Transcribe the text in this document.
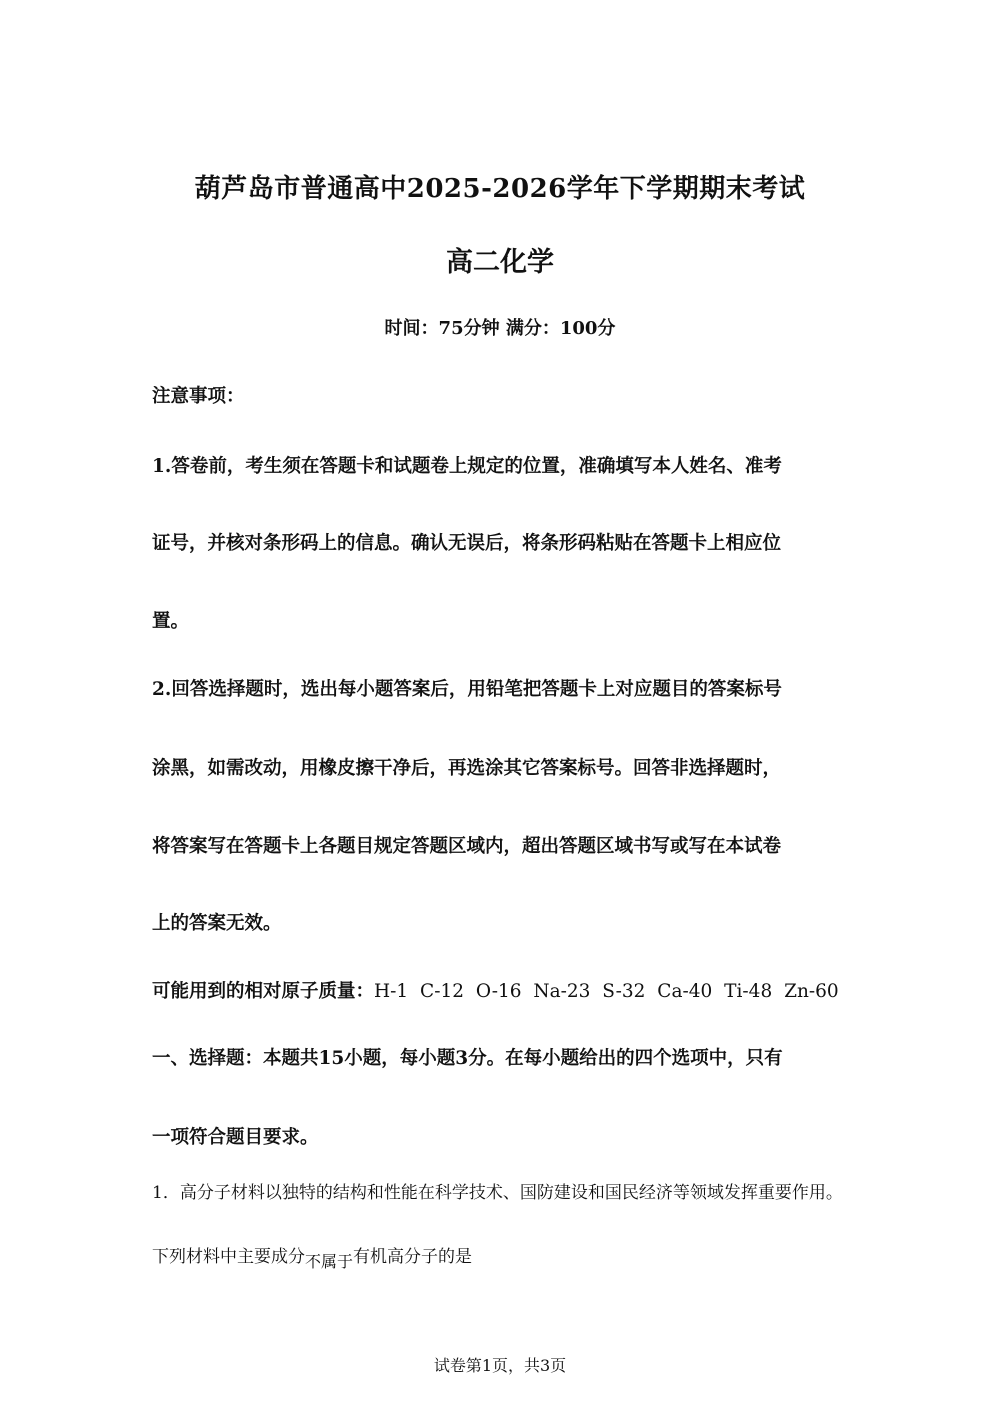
葫芦岛市普通高中2025-2026学年下学期期末考试
高二化学
时间：75分钟 满分：100分
注意事项：
1.答卷前，考生须在答题卡和试题卷上规定的位置，准确填写本人姓名、准考
证号，并核对条形码上的信息。确认无误后，将条形码粘贴在答题卡上相应位
置。
2.回答选择题时，选出每小题答案后，用铅笔把答题卡上对应题目的答案标号
涂黑，如需改动，用橡皮擦干净后，再选涂其它答案标号。回答非选择题时，
将答案写在答题卡上各题目规定答题区域内，超出答题区域书写或写在本试卷
上的答案无效。
可能用到的相对原子质量：H-1 C-12 O-16 Na-23 S-32 Ca-40 Ti-48 Zn-60
一、选择题：本题共15小题，每小题3分。在每小题给出的四个选项中，只有
一项符合题目要求。
1．高分子材料以独特的结构和性能在科学技术、国防建设和国民经济等领域发挥重要作用。
下列材料中主要成分不属于有机高分子的是
试卷第1页，共3页
